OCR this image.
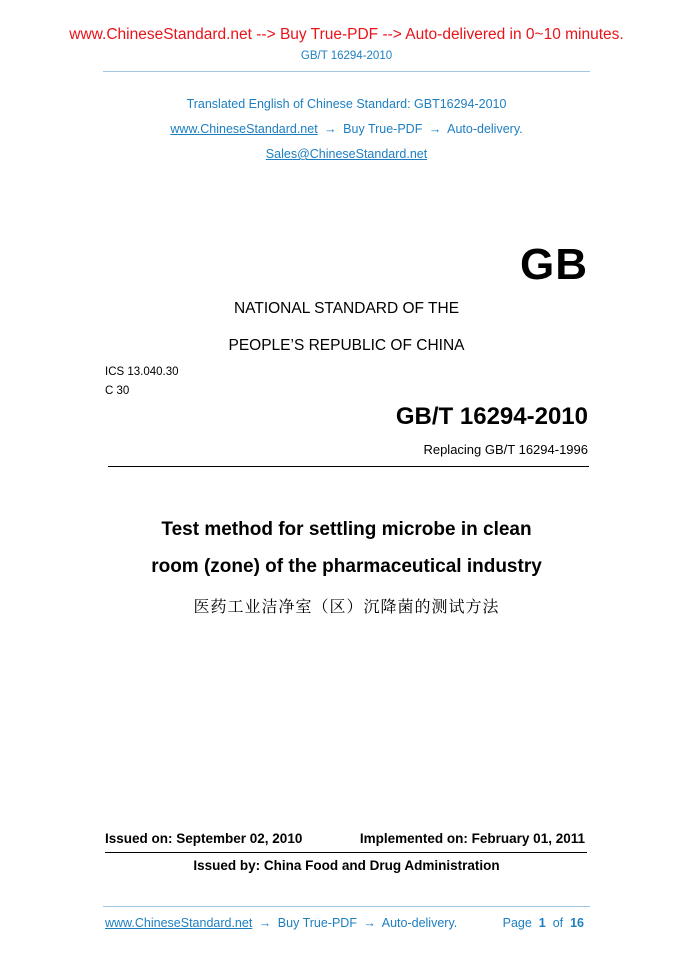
www.ChineseStandard.net --> Buy True-PDF --> Auto-delivered in 0~10 minutes.
GB/T 16294-2010
Translated English of Chinese Standard: GBT16294-2010
www.ChineseStandard.net → Buy True-PDF → Auto-delivery.
Sales@ChineseStandard.net
GB
NATIONAL STANDARD OF THE
PEOPLE’S REPUBLIC OF CHINA
ICS 13.040.30
C 30
GB/T 16294-2010
Replacing GB/T 16294-1996
Test method for settling microbe in clean
room (zone) of the pharmaceutical industry
医药工业洁净室（区）沉降菌的测试方法
Issued on: September 02, 2010	Implemented on: February 01, 2011
Issued by: China Food and Drug Administration
www.ChineseStandard.net → Buy True-PDF → Auto-delivery.	Page 1 of 16
